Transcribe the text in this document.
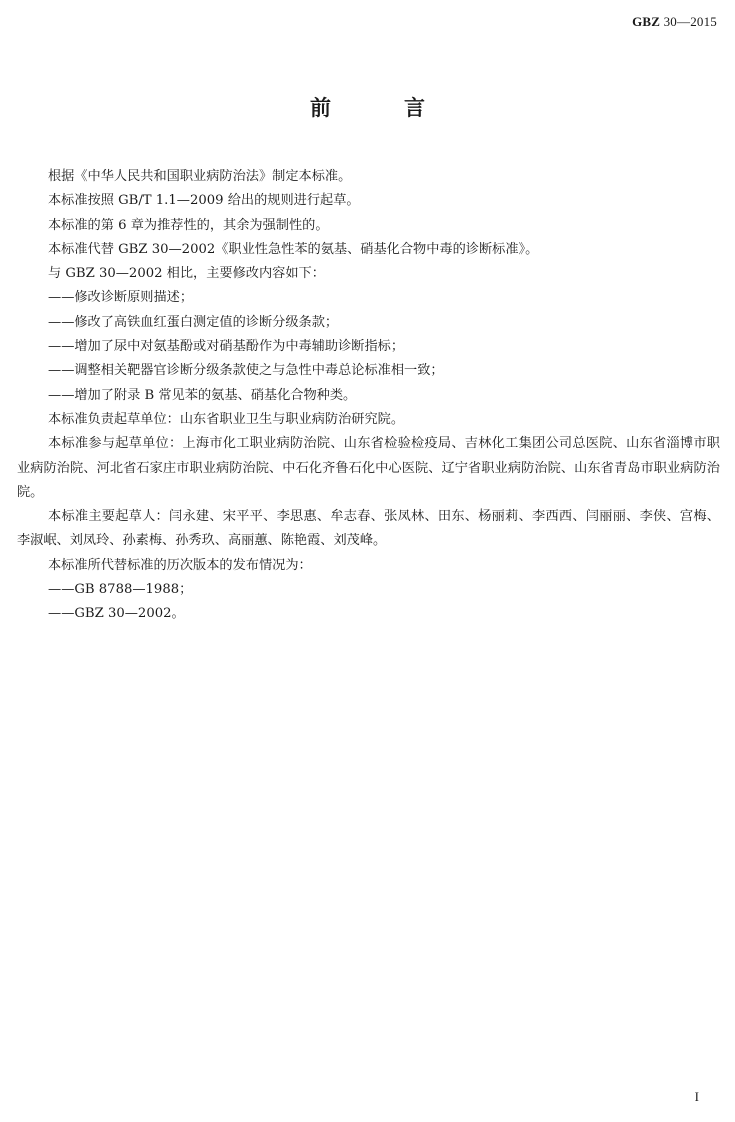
GBZ 30—2015
前　言

根据《中华人民共和国职业病防治法》制定本标准。

本标准按照 GB/T 1.1—2009 给出的规则进行起草。

本标准的第 6 章为推荐性的，其余为强制性的。

本标准代替 GBZ 30—2002《职业性急性苯的氨基、硝基化合物中毒的诊断标准》。

与 GBZ 30—2002 相比，主要修改内容如下：

——修改诊断原则描述；

——修改了高铁血红蛋白测定值的诊断分级条款；

——增加了尿中对氨基酚或对硝基酚作为中毒辅助诊断指标；

——调整相关靶器官诊断分级条款使之与急性中毒总论标准相一致；

——增加了附录 B 常见苯的氨基、硝基化合物种类。

本标准负责起草单位：山东省职业卫生与职业病防治研究院。

本标准参与起草单位：上海市化工职业病防治院、山东省检验检疫局、吉林化工集团公司总医院、山东省淄博市职业病防治院、河北省石家庄市职业病防治院、中石化齐鲁石化中心医院、辽宁省职业病防治院、山东省青岛市职业病防治院。

本标准主要起草人：闫永建、宋平平、李思惠、牟志春、张凤林、田东、杨丽莉、李西西、闫丽丽、李侠、宫梅、李淑岷、刘凤玲、孙素梅、孙秀玖、高丽蕙、陈艳霞、刘茂峰。

本标准所代替标准的历次版本的发布情况为：

——GB 8788—1988；

——GBZ 30—2002。

I
